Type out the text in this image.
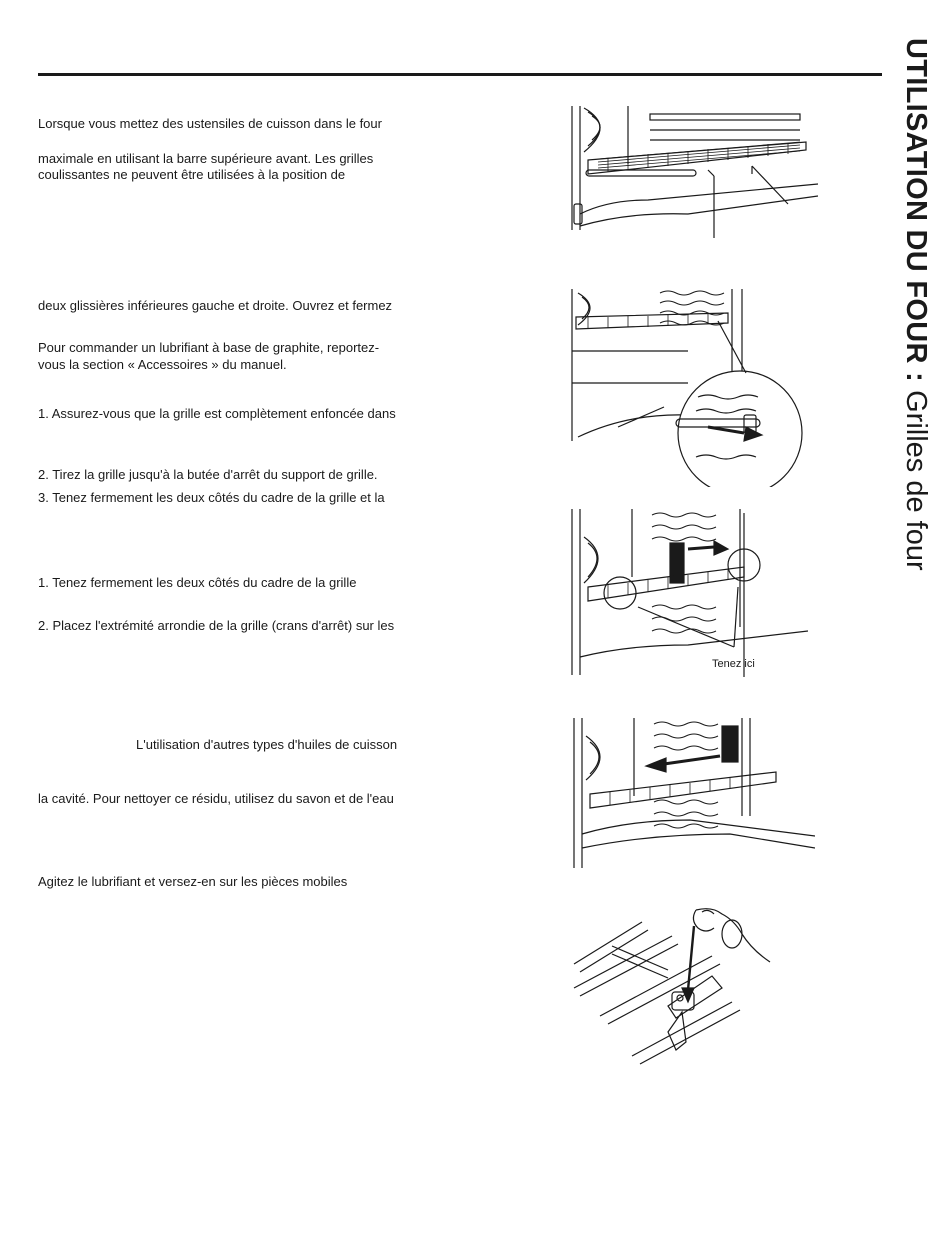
UTILISATION DU FOUR : Grilles de four
Lorsque vous mettez des ustensiles de cuisson dans le four
maximale en utilisant la barre supérieure avant. Les grilles
coulissantes ne peuvent être utilisées à la position de
deux glissières inférieures gauche et droite. Ouvrez et fermez
Pour commander un lubrifiant à base de graphite, reportez-
vous la section « Accessoires » du manuel.
1. Assurez-vous que la grille est complètement enfoncée dans
2. Tirez la grille jusqu'à la butée d'arrêt du support de grille.
3. Tenez fermement les deux côtés du cadre de la grille et la
1. Tenez fermement les deux côtés du cadre de la grille
2. Placez l'extrémité arrondie de la grille (crans d'arrêt) sur les
L'utilisation d'autres types d'huiles de cuisson
la cavité. Pour nettoyer ce résidu, utilisez du savon et de l'eau
Agitez le lubrifiant et versez-en sur les pièces mobiles
Tenez ici
